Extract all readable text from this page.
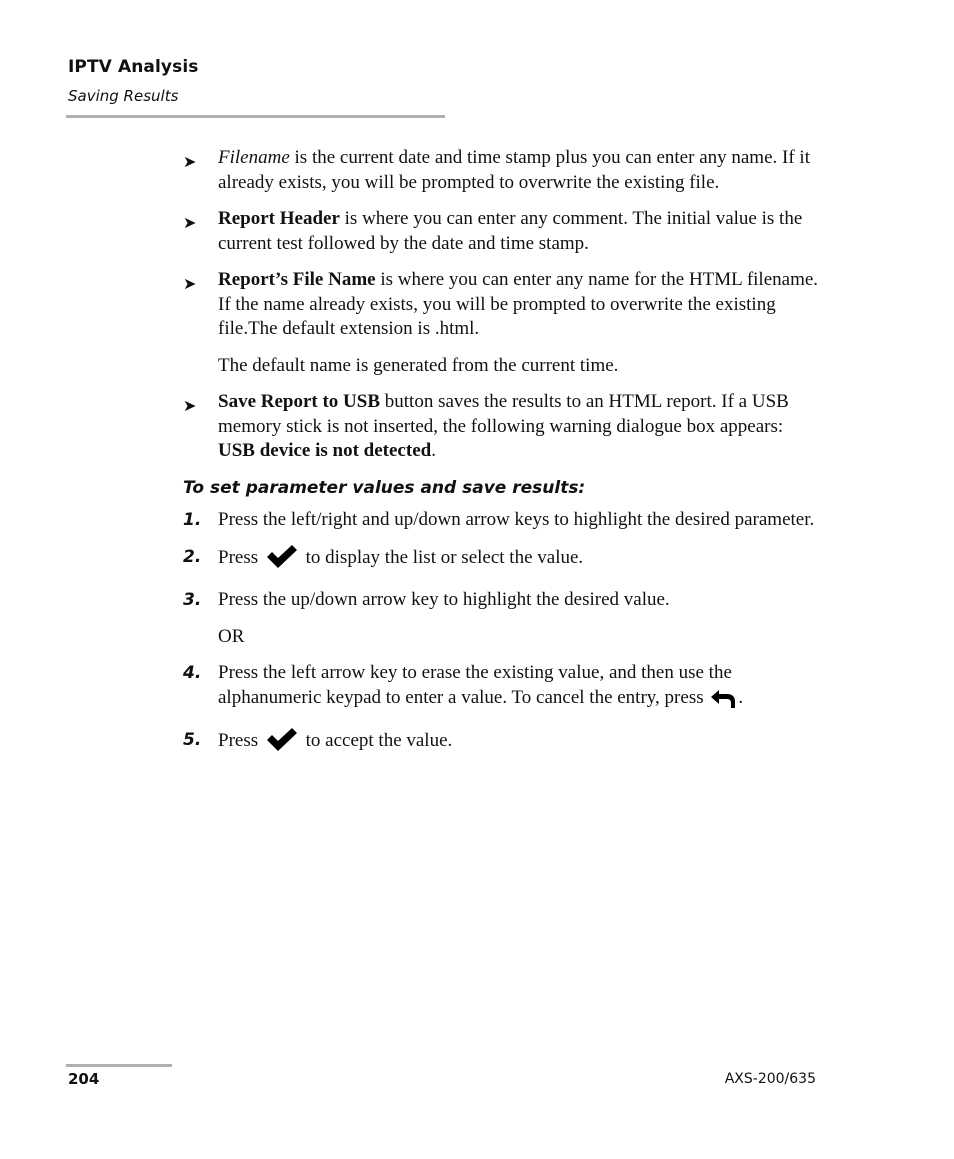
IPTV Analysis
Saving Results
➤ Filename is the current date and time stamp plus you can enter any name. If it already exists, you will be prompted to overwrite the existing file.
➤ Report Header is where you can enter any comment. The initial value is the current test followed by the date and time stamp.
➤ Report’s File Name is where you can enter any name for the HTML filename. If the name already exists, you will be prompted to overwrite the existing file.The default extension is .html.
The default name is generated from the current time.
➤ Save Report to USB button saves the results to an HTML report. If a USB memory stick is not inserted, the following warning dialogue box appears: USB device is not detected.
To set parameter values and save results:
1. Press the left/right and up/down arrow keys to highlight the desired parameter.
2. Press  to display the list or select the value.
3. Press the up/down arrow key to highlight the desired value.
OR
4. Press the left arrow key to erase the existing value, and then use the alphanumeric keypad to enter a value. To cancel the entry, press .
5. Press  to accept the value.
204	AXS-200/635
